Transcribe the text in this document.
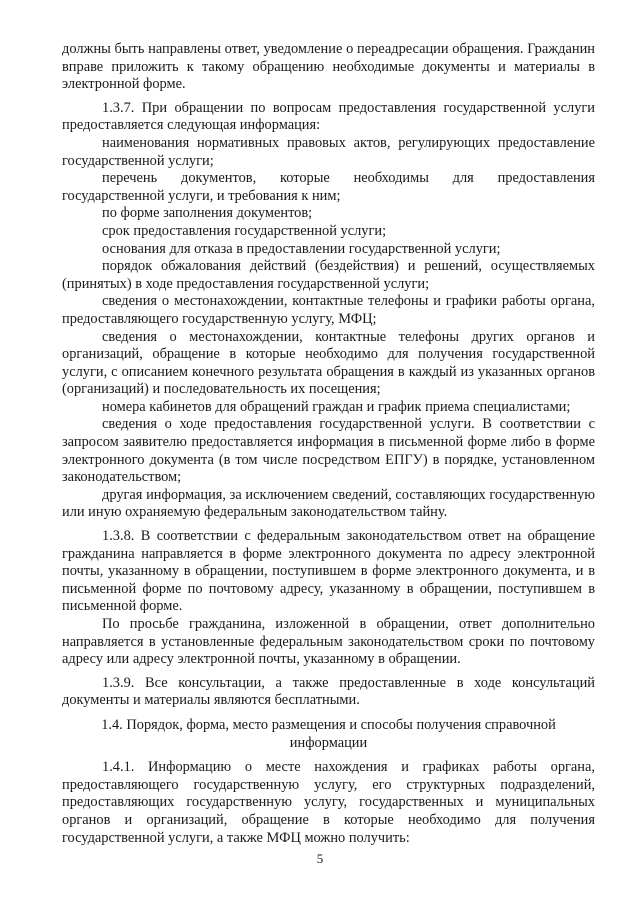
должны быть направлены ответ, уведомление о переадресации обращения. Гражданин вправе приложить к такому обращению необходимые документы и материалы в электронной форме.

1.3.7. При обращении по вопросам предоставления государственной услуги предоставляется следующая информация:

наименования нормативных правовых актов, регулирующих предоставление государственной услуги;

перечень документов, которые необходимы для предоставления государственной услуги, и требования к ним;

по форме заполнения документов;

срок предоставления государственной услуги;

основания для отказа в предоставлении государственной услуги;

порядок обжалования действий (бездействия) и решений, осуществляемых (принятых) в ходе предоставления государственной услуги;

сведения о местонахождении, контактные телефоны и графики работы органа, предоставляющего государственную услугу, МФЦ;

сведения о местонахождении, контактные телефоны других органов и организаций, обращение в которые необходимо для получения государственной услуги, с описанием конечного результата обращения в каждый из указанных органов (организаций) и последовательность их посещения;

номера кабинетов для обращений граждан и график приема специалистами;

сведения о ходе предоставления государственной услуги. В соответствии с запросом заявителю предоставляется информация в письменной форме либо в форме электронного документа (в том числе посредством ЕПГУ) в порядке, установленном законодательством;

другая информация, за исключением сведений, составляющих государственную или иную охраняемую федеральным законодательством тайну.

1.3.8. В соответствии с федеральным законодательством ответ на обращение гражданина направляется в форме электронного документа по адресу электронной почты, указанному в обращении, поступившем в форме электронного документа, и в письменной форме по почтовому адресу, указанному в обращении, поступившем в письменной форме.

По просьбе гражданина, изложенной в обращении, ответ дополнительно направляется в установленные федеральным законодательством сроки по почтовому адресу или адресу электронной почты, указанному в обращении.

1.3.9. Все консультации, а также предоставленные в ходе консультаций документы и материалы являются бесплатными.

1.4. Порядок, форма, место размещения и способы получения справочной информации

1.4.1. Информацию о месте нахождения и графиках работы органа, предоставляющего государственную услугу, его структурных подразделений, предоставляющих государственную услугу, государственных и муниципальных органов и организаций, обращение в которые необходимо для получения государственной услуги, а также МФЦ можно получить:

5
